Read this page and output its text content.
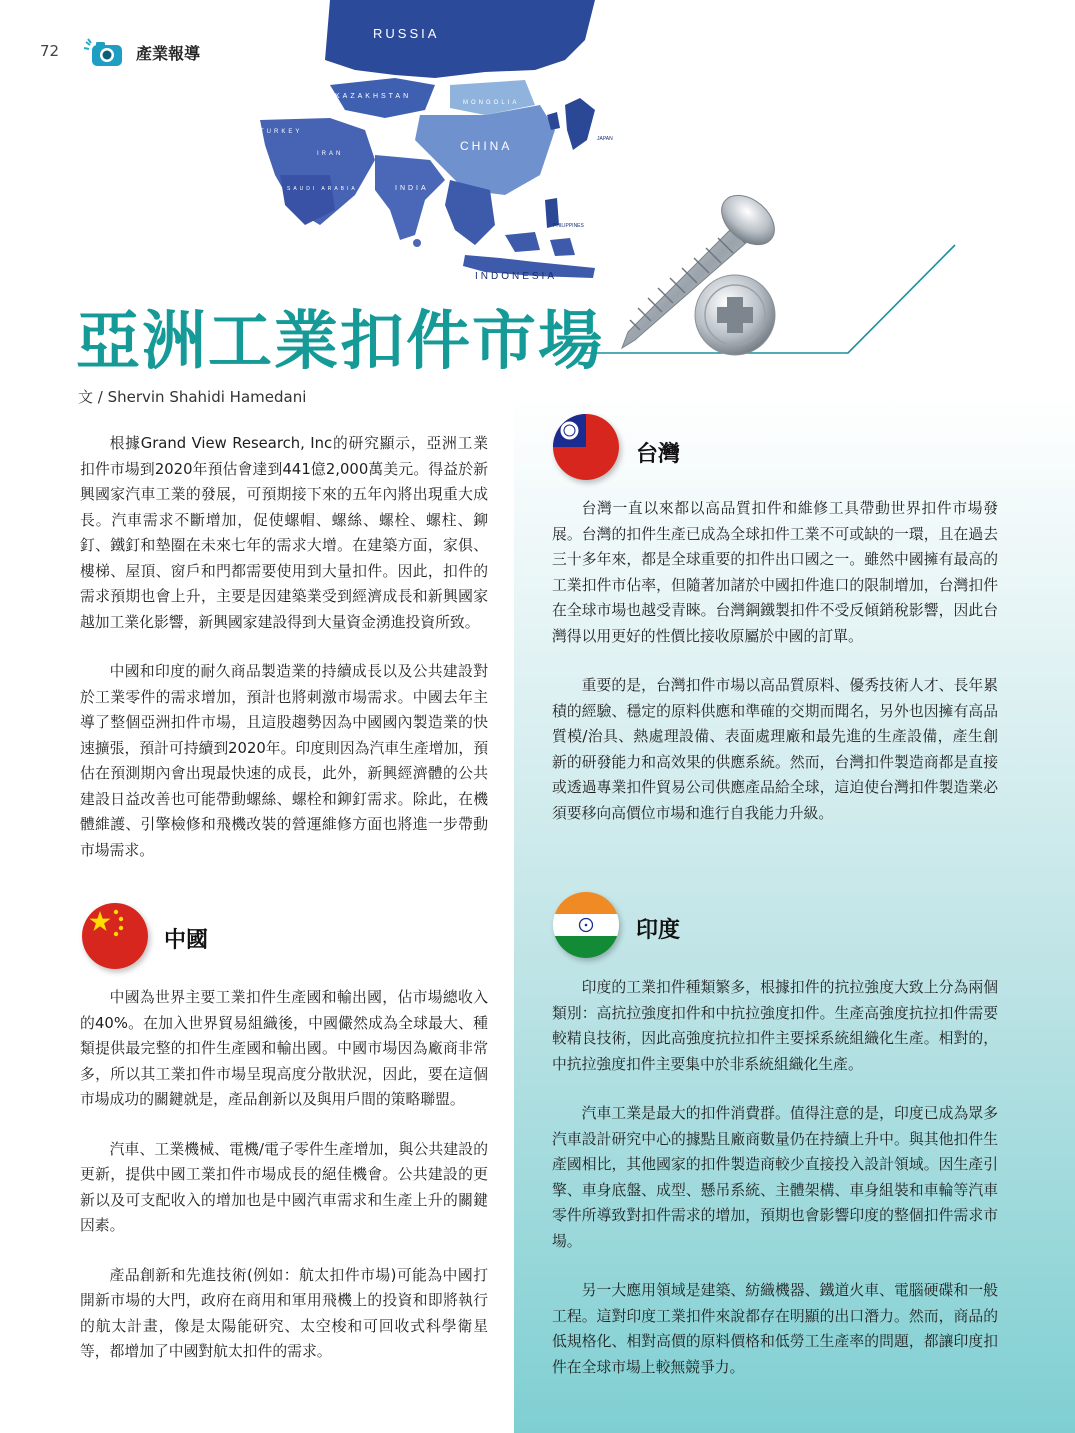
72	產業報導
RUSSIA
KAZAKHSTAN
MONGOLIA
CHINA
TURKEY
IRAN
INDIA
SAUDI ARABIA
JAPAN
PHILIPPINES
INDONESIA
亞洲工業扣件市場
文 / Shervin Shahidi Hamedani

根據Grand View Research, Inc的研究顯示，亞洲工業扣件市場到2020年預估會達到441億2,000萬美元。得益於新興國家汽車工業的發展，可預期接下來的五年內將出現重大成長。汽車需求不斷增加，促使螺帽、螺絲、螺栓、螺柱、鉚釘、鐵釘和墊圈在未來七年的需求大增。在建築方面，家俱、樓梯、屋頂、窗戶和門都需要使用到大量扣件。因此，扣件的需求預期也會上升，主要是因建築業受到經濟成長和新興國家越加工業化影響，新興國家建設得到大量資金湧進投資所致。

中國和印度的耐久商品製造業的持續成長以及公共建設對於工業零件的需求增加，預計也將刺激市場需求。中國去年主導了整個亞洲扣件市場，且這股趨勢因為中國國內製造業的快速擴張，預計可持續到2020年。印度則因為汽車生產增加，預估在預測期內會出現最快速的成長，此外，新興經濟體的公共建設日益改善也可能帶動螺絲、螺栓和鉚釘需求。除此，在機體維護、引擎檢修和飛機改裝的營運維修方面也將進一步帶動市場需求。

中國

中國為世界主要工業扣件生產國和輸出國，佔市場總收入的40%。在加入世界貿易組織後，中國儼然成為全球最大、種類提供最完整的扣件生產國和輸出國。中國市場因為廠商非常多，所以其工業扣件市場呈現高度分散狀況，因此，要在這個市場成功的關鍵就是，產品創新以及與用戶間的策略聯盟。

汽車、工業機械、電機/電子零件生產增加，與公共建設的更新，提供中國工業扣件市場成長的絕佳機會。公共建設的更新以及可支配收入的增加也是中國汽車需求和生產上升的關鍵因素。

產品創新和先進技術(例如：航太扣件市場)可能為中國打開新市場的大門，政府在商用和軍用飛機上的投資和即將執行的航太計畫，像是太陽能研究、太空梭和可回收式科學衛星等，都增加了中國對航太扣件的需求。

台灣

台灣一直以來都以高品質扣件和維修工具帶動世界扣件市場發展。台灣的扣件生產已成為全球扣件工業不可或缺的一環，且在過去三十多年來，都是全球重要的扣件出口國之一。雖然中國擁有最高的工業扣件市佔率，但隨著加諸於中國扣件進口的限制增加，台灣扣件在全球市場也越受青睞。台灣鋼鐵製扣件不受反傾銷稅影響，因此台灣得以用更好的性價比接收原屬於中國的訂單。

重要的是，台灣扣件市場以高品質原料、優秀技術人才、長年累積的經驗、穩定的原料供應和準確的交期而聞名，另外也因擁有高品質模/治具、熱處理設備、表面處理廠和最先進的生產設備，產生創新的研發能力和高效果的供應系統。然而，台灣扣件製造商都是直接或透過專業扣件貿易公司供應產品給全球，這迫使台灣扣件製造業必須要移向高價位市場和進行自我能力升級。

印度

印度的工業扣件種類繁多，根據扣件的抗拉強度大致上分為兩個類別：高抗拉強度扣件和中抗拉強度扣件。生產高強度抗拉扣件需要較精良技術，因此高強度抗拉扣件主要採系統組織化生產。相對的，中抗拉強度扣件主要集中於非系統組織化生產。

汽車工業是最大的扣件消費群。值得注意的是，印度已成為眾多汽車設計研究中心的據點且廠商數量仍在持續上升中。與其他扣件生產國相比，其他國家的扣件製造商較少直接投入設計領域。因生產引擎、車身底盤、成型、懸吊系統、主體架構、車身組裝和車輪等汽車零件所導致對扣件需求的增加，預期也會影響印度的整個扣件需求市場。

另一大應用領域是建築、紡織機器、鐵道火車、電腦硬碟和一般工程。這對印度工業扣件來說都存在明顯的出口潛力。然而，商品的低規格化、相對高價的原料價格和低勞工生產率的問題，都讓印度扣件在全球市場上較無競爭力。
